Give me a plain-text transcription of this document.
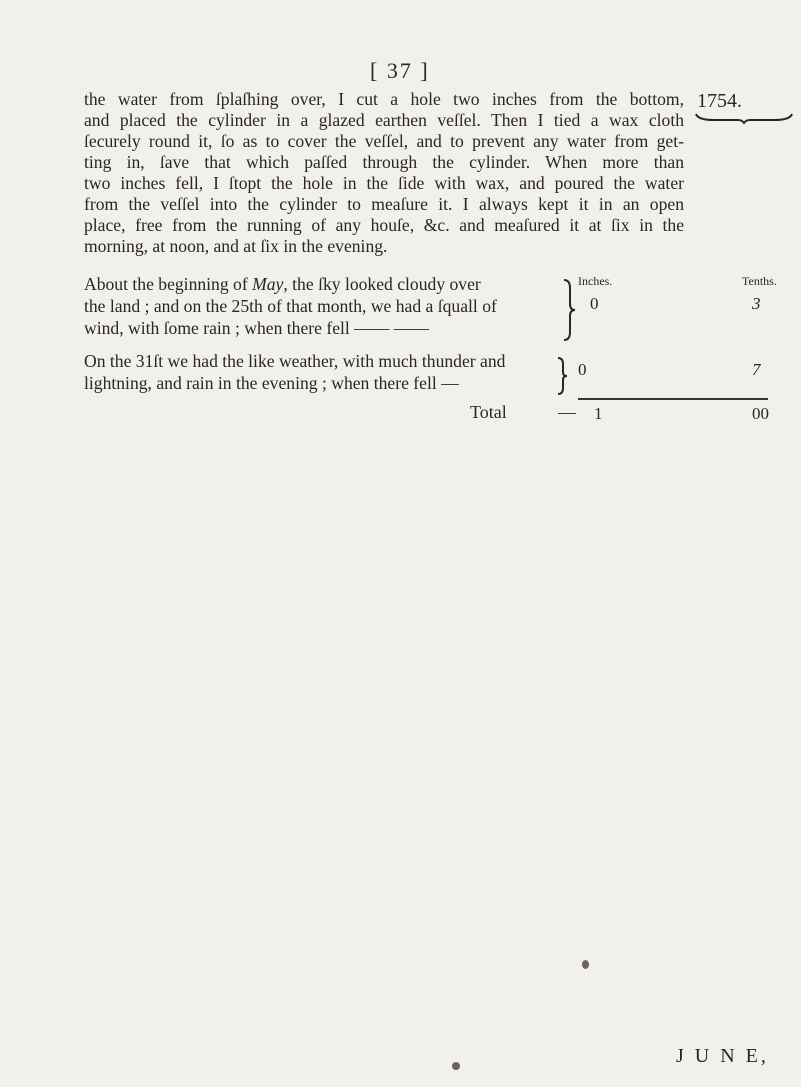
[ 37 ]
1754.
the water from ſplaſhing over, I cut a hole two inches from the bottom,
and placed the cylinder in a glazed earthen veſſel. Then I tied a wax cloth
ſecurely round it, ſo as to cover the veſſel, and to prevent any water from get-
ting in, ſave that which paſſed through the cylinder. When more than
two inches fell, I ſtopt the hole in the ſide with wax, and poured the water
from the veſſel into the cylinder to meaſure it. I always kept it in an open
place, free from the running of any houſe, &c. and meaſured it at ſix in the
morning, at noon, and at ſix in the evening.
Inches.	Tenths.
About the beginning of May, the ſky looked cloudy over
the land ; and on the 25th of that month, we had a ſquall of
wind, with ſome rain ; when there fell —— ——
0	3
On the 31ſt we had the like weather, with much thunder and
lightning, and rain in the evening ; when there fell —
0	7
Total	— 1	00
J U N E,
